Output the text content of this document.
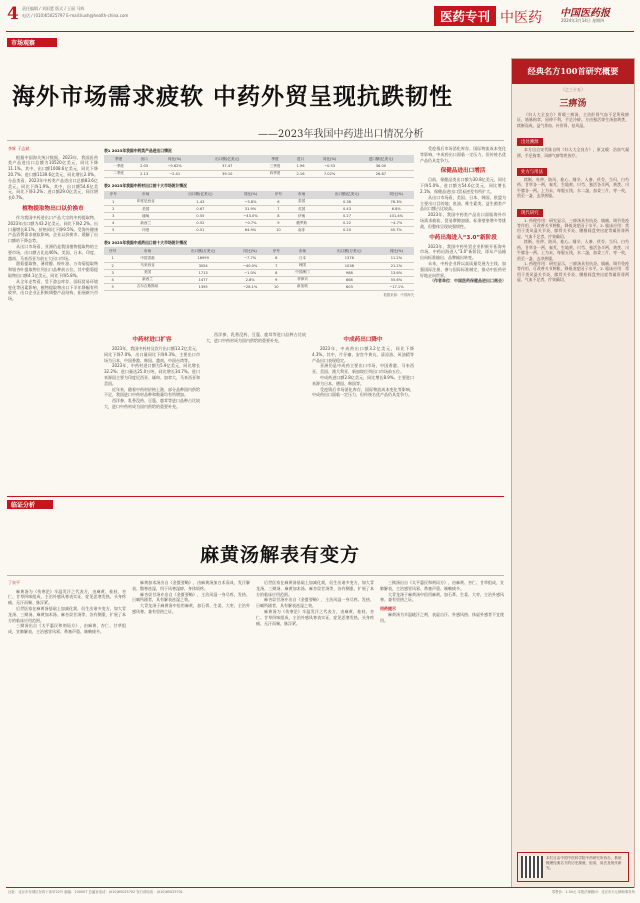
4 责任编辑 / 刘雨慧 版式 / 王丽 马辉
电话 / (010)65025797 E-mail:liush@health-china.com	医药专刊 中医药 中国医药报
2024年3月14日 星期四
市场观察
海外市场需求疲软 中药外贸呈现抗跌韧性
——2023年我国中药进出口情况分析
李辉 于志斌

根据中国海关统计数据，2023年，我国医药类产品进出口总额为10520亿美元，同比下降11.1%。其中，出口额1008.6亿美元，同比下降20.7%；进口额1139.6亿美元，同比增长2.0%。分品类看，2023年中药类产品进出口总额83.6亿美元，同比下降1.9%。其中，出口额54.6亿美元，同比下降3.2%；进口额29.0亿美元，同比增长0.7%。

植物提取物出口以价换市

作为我国中药进出口产品大宗的中药提取物，2023年出口额为43.2亿美元，同比下降2.2%。出口量增长8.1%，价格同比下降9.5%。受海外健康产品消费需求疲软影响，企业以价换市，缓解了出口额的下降态势。

从出口市场看，亚洲仍是我国植物提取物的主要市场，出口额占比达46%。美国、日本、印度、越南、马来西亚为前五大出口市场。

甜菊提取物、薄荷醇、桉叶油、万寿菊提取物和银杏叶提取物位列出口品种前五位。其中甜菊提取物出口额4.1亿美元，同比下降5.8%。

从全年走势看，受下游去库存、国际贸易环境变化等因素影响，植物提取物出口下半年降幅有所收窄，出口企业正积极调整产品结构，拓展新兴市场。

表1 2023年我国中药类产品进出口情况							
季度	出口	同比(%)	出口额(亿美元)	季度	进口	同比(%)	进口额(亿美元)
一季度	2.05	−9.62%	37.47	三季度	1.96	−0.53	36.00
二季度	2.13	−2.41	39.10	四季度	2.16	7.02%	26.87
表2 2023年我国中药材出口前十大市场统计情况							
序号	市场	出口额(亿美元)	同比(%)	序号	市场	出口额(亿美元)	同比(%)
1	印度尼西亚	1.43	−5.8%	6	泰国	0.36	76.3%
2	美国	0.67	31.9%	7	英国	0.43	6.8%
3	缅甸	0.55	−43.0%	8	伊朗	0.27	101.4%
4	新西兰	0.52	−0.7%	9	俄罗斯	0.22	−4.7%
5	印度	0.51	64.9%	10	南非	0.20	45.7%
表3 2023年我国中成药出口前十大市场统计情况							
序号	市场	出口额(万美元)	同比(%)	序号	市场	出口额(万美元)	同比(%)
1	中国香港	16999	−7.7%	6	日本	1376	11.2%
2	马来西亚	3054	−40.0%	7	韩国	1038	21.2%
3	美国	1713	−1.0%	8	中国澳门	988	13.6%
4	新西兰	1477	2.8%	9	菲律宾	868	55.6%
5	吉尔吉斯斯坦	1395	−28.1%	10	新加坡	603	−17.1%
数据来源：中国海关
中药材进口扩容

2023年，我国中药材及饮片出口额13.2亿美元，同比下降7.0%，出口量同比下降9.3%。主要出口市场为日本、中国香港、韩国、越南、中国台湾等。

2023年，中药材进口额为5.9亿美元，同比增长32.2%；进口量达25.0万吨，同比增长34.7%。进口来源国主要为印度尼西亚、缅甸、加拿大、马来西亚和美国。

近年来，随着中药材价格上涨，部分品种国内供给不足，我国进口中药材品种和数量均有所增加。

西洋参、乳香没药、豆蔻、鹿茸等进口品种占比较大，进口中药材成为国内供给的重要补充。

西洋参、乳香没药、豆蔻、鹿茸等进口品种占比较大，进口中药材成为国内供给的重要补充。	中成药出口降中

2023年，中成药出口额3.2亿美元，同比下降4.3%。其中，片仔癀、安宫牛黄丸、清凉油、风油精等产品出口表现稳定。

亚洲仍是中成药主要出口市场，中国香港、马来西亚、美国、澳大利亚、新加坡位列出口市场前五位。

中成药进口额2.8亿美元，同比增长8.9%。主要进口来源为日本、德国、韩国等。

受疫情后市场消化库存、国际物流成本变化等影响，中成药出口面临一定压力，但传统名优产品仍具竞争力。

受疫情后市场消化库存、国际物流成本变化等影响，中成药出口面临一定压力，但传统名优产品仍具竞争力。

保健品进出口增活

目前，保健品类出口额为30.8亿美元，同比下降5.0%，进口额为54.6亿美元，同比增长2.1%，保健品进出口贸易逆差有所扩大。

从出口市场看，美国、日本、韩国、欧盟为主要出口目的地；鱼油、维生素类、益生菌类产品出口额占比较高。

2023年，我国中药类产品出口面临海外市场需求疲软、贸易摩擦加剧、标准壁垒增多等挑战，但整体呈现较强韧性。

中药出海进入“3.0”新阶段

2023年，我国中药外贸企业积极开拓海外市场，中药出海进入“3.0”新阶段，即从产品输出向标准输出、品牌输出转变。

未来，中药企业将以高质量发展为主线，加强国际注册，参与国际标准制定，推动中医药更好地走向世界。

（作者单位：中国医药保健品进出口商会）

经典名方100首研究概要
（之三十五）
三痹汤

《妇人大全良方》所载三痹汤，主治肝肾气血不足所致痹证，筋脉拘挛，屈伸不利，手足冷痹。方由独活寄生汤加黄芪、续断而成，益气养血、补肝肾、祛风湿。

出处溯源

本方出自宋代陈自明《妇人大全良方》，原文载：治血气凝滞，手足拘挛，风痹气痹等疾皆疗。

处方与用法

续断、杜仲、防风、桂心、细辛、人参、茯苓、当归、白芍药、甘草各一两，秦艽、生地黄、川芎、独活各半两，黄芪、川牛膝各一两。上为末，每服五钱，水二盏，加姜三片，枣一枚，煎至一盏，去滓热服。

现代研究

1. 药理作用：研究显示，三痹汤具有抗炎、镇痛、调节免疫等作用，可改善关节肿胀，降低炎症因子水平。2. 临床应用：常用于类风湿关节炎、膝骨关节炎、腰椎间盘突出症等属肝肾两虚、气血不足者，疗效确切。

续断、杜仲、防风、桂心、细辛、人参、茯苓、当归、白芍药、甘草各一两，秦艽、生地黄、川芎、独活各半两，黄芪、川牛膝各一两。上为末，每服五钱，水二盏，加姜三片，枣一枚，煎至一盏，去滓热服。

1. 药理作用：研究显示，三痹汤具有抗炎、镇痛、调节免疫等作用，可改善关节肿胀，降低炎症因子水平。2. 临床应用：常用于类风湿关节炎、膝骨关节炎、腰椎间盘突出症等属肝肾两虚、气血不足者，疗效确切。

本栏目由中国中医科学院中药研究所协办，系统梳理经典名方的历史源流、组成、用法及现代研究。
临证分析
麻黄汤解表有变方
丁泉平

麻黄汤为《伤寒论》辛温发汗之代表方，由麻黄、桂枝、杏仁、甘草四味组成，主治外感风寒表实证，症见恶寒发热、头身疼痛、无汗而喘、脉浮紧。

后世医家在麻黄汤基础上加减化裁，衍生出诸多变方，如大青龙汤、三拗汤、麻黄加术汤、麻杏苡甘汤等，各有侧重，扩展了本方的临床应用范围。

三拗汤出自《太平惠民和剂局方》，由麻黄、杏仁、甘草组成，宣肺解表，主治感冒风邪、鼻塞声重、咳嗽痰多。

麻黄加术汤出自《金匮要略》，由麻黄汤加白术而成，发汗解表、散寒祛湿，用于风寒湿痹、身体烦疼。

麻杏苡甘汤亦出自《金匮要略》，主治风湿一身尽疼、发热、日晡所剧者，具有解表祛湿之效。

大青龙汤于麻黄汤中倍用麻黄，加石膏、生姜、大枣，主治外感风寒、兼有里热之证。

后世医家在麻黄汤基础上加减化裁，衍生出诸多变方，如大青龙汤、三拗汤、麻黄加术汤、麻杏苡甘汤等，各有侧重，扩展了本方的临床应用范围。

麻杏苡甘汤亦出自《金匮要略》，主治风湿一身尽疼、发热、日晡所剧者，具有解表祛湿之效。

麻黄汤为《伤寒论》辛温发汗之代表方，由麻黄、桂枝、杏仁、甘草四味组成，主治外感风寒表实证，症见恶寒发热、头身疼痛、无汗而喘、脉浮紧。

三拗汤出自《太平惠民和剂局方》，由麻黄、杏仁、甘草组成，宣肺解表，主治感冒风邪、鼻塞声重、咳嗽痰多。

大青龙汤于麻黄汤中倍用麻黄，加石膏、生姜、大枣，主治外感风寒、兼有里热之证。

用药提示

麻黄汤为辛温峻汗之剂，表虚自汗、外感风热、体虚外感者不宜使用。

社址：北京市东城区东四十条甲22号 邮编：100007 总编室电话：(010)65025702 发行部电话：(010)65025701	零售价：1.50元 本报法律顾问：北京市天元律师事务所
